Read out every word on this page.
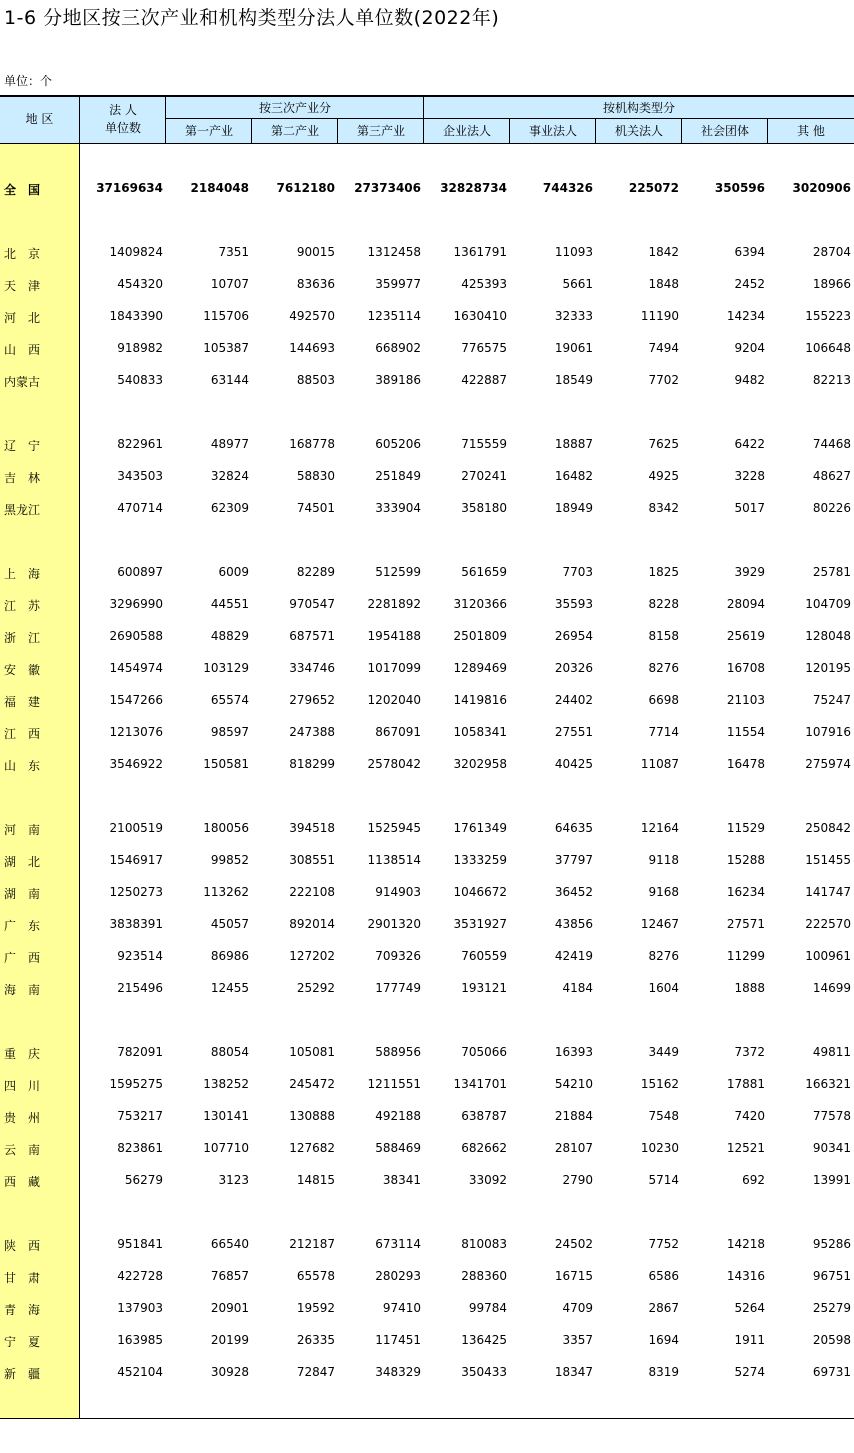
1-6 分地区按三次产业和机构类型分法人单位数(2022年)
单位：个
地 区
法 人
单位数
按三次产业分	按机构类型分
第一产业	第二产业	第三产业	企业法人	事业法人	机关法人	社会团体	其 他
全　国	37169634	2184048	7612180	27373406	32828734	744326	225072	350596	3020906
北　京	1409824	7351	90015	1312458	1361791	11093	1842	6394	28704
天　津	454320	10707	83636	359977	425393	5661	1848	2452	18966
河　北	1843390	115706	492570	1235114	1630410	32333	11190	14234	155223
山　西	918982	105387	144693	668902	776575	19061	7494	9204	106648
内蒙古	540833	63144	88503	389186	422887	18549	7702	9482	82213
辽　宁	822961	48977	168778	605206	715559	18887	7625	6422	74468
吉　林	343503	32824	58830	251849	270241	16482	4925	3228	48627
黑龙江	470714	62309	74501	333904	358180	18949	8342	5017	80226
上　海	600897	6009	82289	512599	561659	7703	1825	3929	25781
江　苏	3296990	44551	970547	2281892	3120366	35593	8228	28094	104709
浙　江	2690588	48829	687571	1954188	2501809	26954	8158	25619	128048
安　徽	1454974	103129	334746	1017099	1289469	20326	8276	16708	120195
福　建	1547266	65574	279652	1202040	1419816	24402	6698	21103	75247
江　西	1213076	98597	247388	867091	1058341	27551	7714	11554	107916
山　东	3546922	150581	818299	2578042	3202958	40425	11087	16478	275974
河　南	2100519	180056	394518	1525945	1761349	64635	12164	11529	250842
湖　北	1546917	99852	308551	1138514	1333259	37797	9118	15288	151455
湖　南	1250273	113262	222108	914903	1046672	36452	9168	16234	141747
广　东	3838391	45057	892014	2901320	3531927	43856	12467	27571	222570
广　西	923514	86986	127202	709326	760559	42419	8276	11299	100961
海　南	215496	12455	25292	177749	193121	4184	1604	1888	14699
重　庆	782091	88054	105081	588956	705066	16393	3449	7372	49811
四　川	1595275	138252	245472	1211551	1341701	54210	15162	17881	166321
贵　州	753217	130141	130888	492188	638787	21884	7548	7420	77578
云　南	823861	107710	127682	588469	682662	28107	10230	12521	90341
西　藏	56279	3123	14815	38341	33092	2790	5714	692	13991
陕　西	951841	66540	212187	673114	810083	24502	7752	14218	95286
甘　肃	422728	76857	65578	280293	288360	16715	6586	14316	96751
青　海	137903	20901	19592	97410	99784	4709	2867	5264	25279
宁　夏	163985	20199	26335	117451	136425	3357	1694	1911	20598
新　疆	452104	30928	72847	348329	350433	18347	8319	5274	69731
